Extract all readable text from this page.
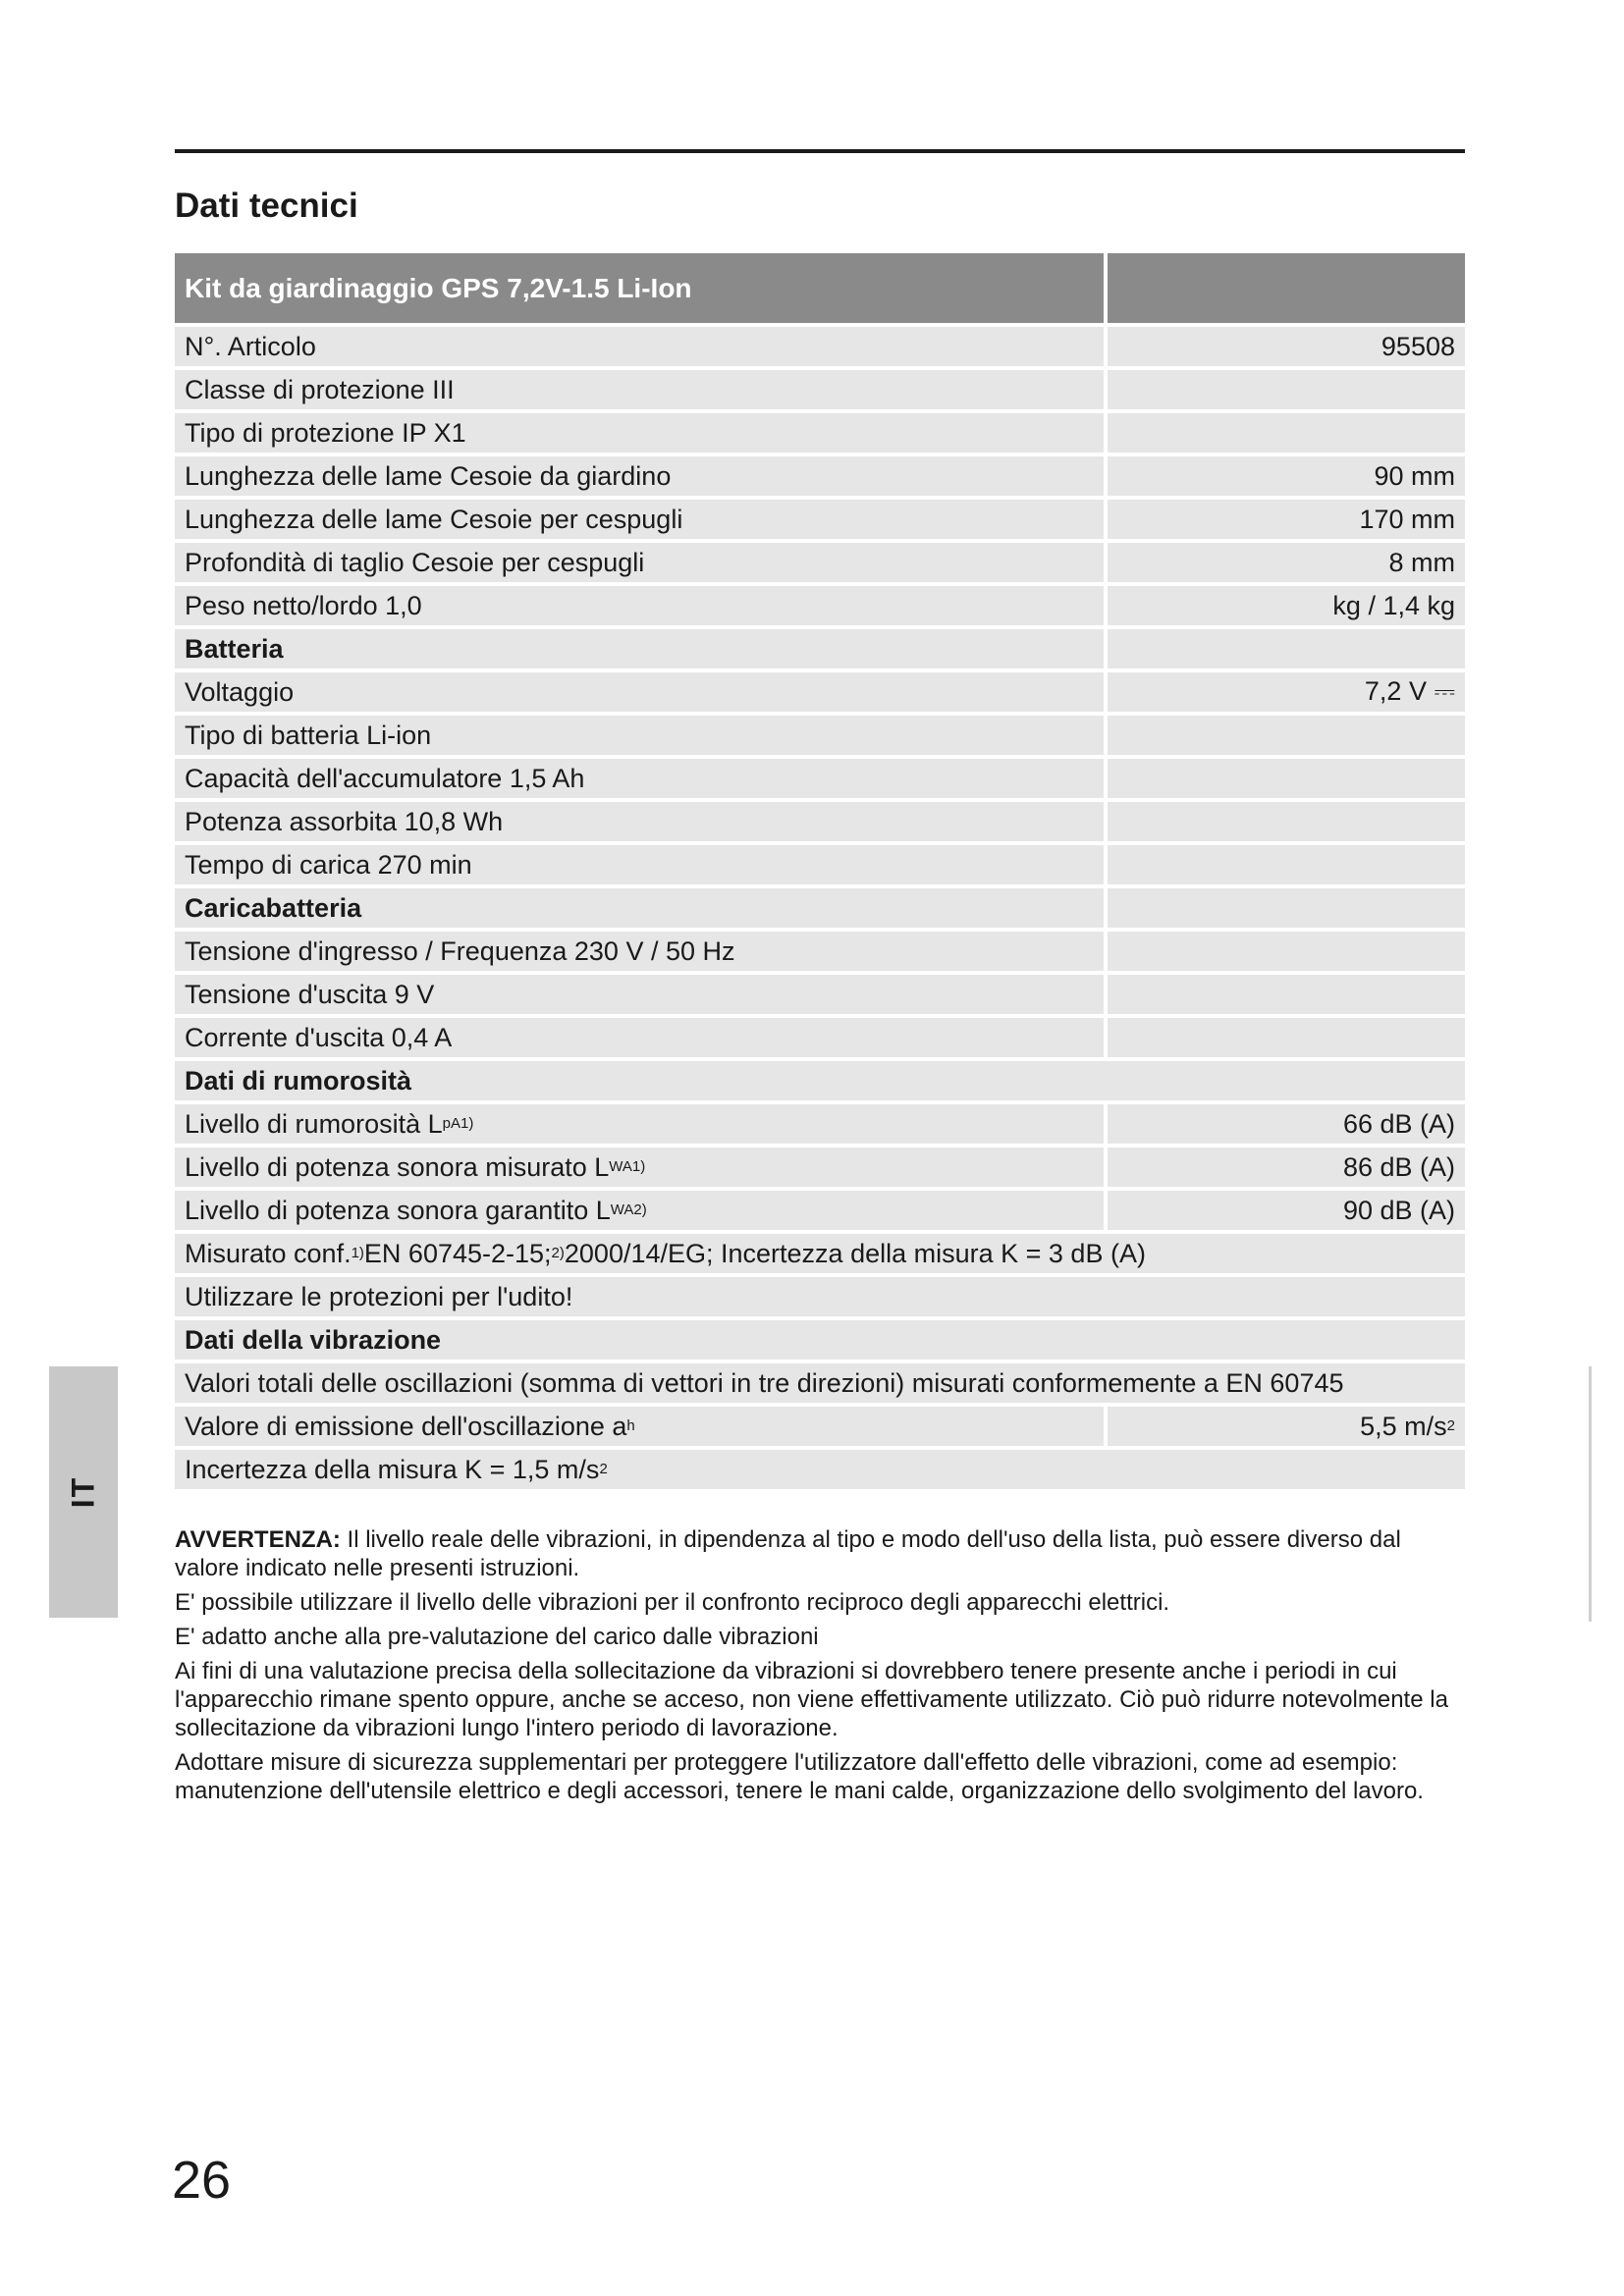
Dati tecnici
Kit da giardinaggio GPS 7,2V-1.5 Li-Ion
N°. Articolo	95508
Classe di protezione III
Tipo di protezione IP X1
Lunghezza delle lame Cesoie da giardino	90 mm
Lunghezza delle lame Cesoie per cespugli	170 mm
Profondità di taglio Cesoie per cespugli	8 mm
Peso netto/lordo 1,0	kg / 1,4 kg
Batteria
Voltaggio	7,2 V ⎓
Tipo di batteria Li-ion
Capacità dell'accumulatore 1,5 Ah
Potenza assorbita 10,8 Wh
Tempo di carica 270 min
Caricabatteria
Tensione d'ingresso / Frequenza 230 V / 50 Hz
Tensione d'uscita 9 V
Corrente d'uscita 0,4 A
Dati di rumorosità
Livello di rumorosità L pA 1)	66 dB (A)
Livello di potenza sonora misurato L WA 1)	86 dB (A)
Livello di potenza sonora garantito L WA 2)	90 dB (A)
Misurato conf. 1) EN 60745-2-15; 2) 2000/14/EG; Incertezza della misura K = 3 dB (A)
Utilizzare le protezioni per l'udito!
Dati della vibrazione
Valori totali delle oscillazioni (somma di vettori in tre direzioni) misurati conformemente a EN 60745
Valore di emissione dell'oscillazione a h	5,5 m/s 2
Incertezza della misura K = 1,5 m/s 2
IT

AVVERTENZA: Il livello reale delle vibrazioni, in dipendenza al tipo e modo dell'uso della lista, può essere diverso dal valore indicato nelle presenti istruzioni.

E' possibile utilizzare il livello delle vibrazioni per il confronto reciproco degli apparecchi elettrici.

E' adatto anche alla pre-valutazione del carico dalle vibrazioni

Ai fini di una valutazione precisa della sollecitazione da vibrazioni si dovrebbero tenere presente anche i periodi in cui l'apparecchio rimane spento oppure, anche se acceso, non viene effettivamente utilizzato. Ciò può ridurre notevolmente la sollecitazione da vibrazioni lungo l'intero periodo di lavorazione.

Adottare misure di sicurezza supplementari per proteggere l'utilizzatore dall'effetto delle vibrazioni, come ad esempio: manutenzione dell'utensile elettrico e degli accessori, tenere le mani calde, organizzazione dello svolgimento del lavoro.

26
